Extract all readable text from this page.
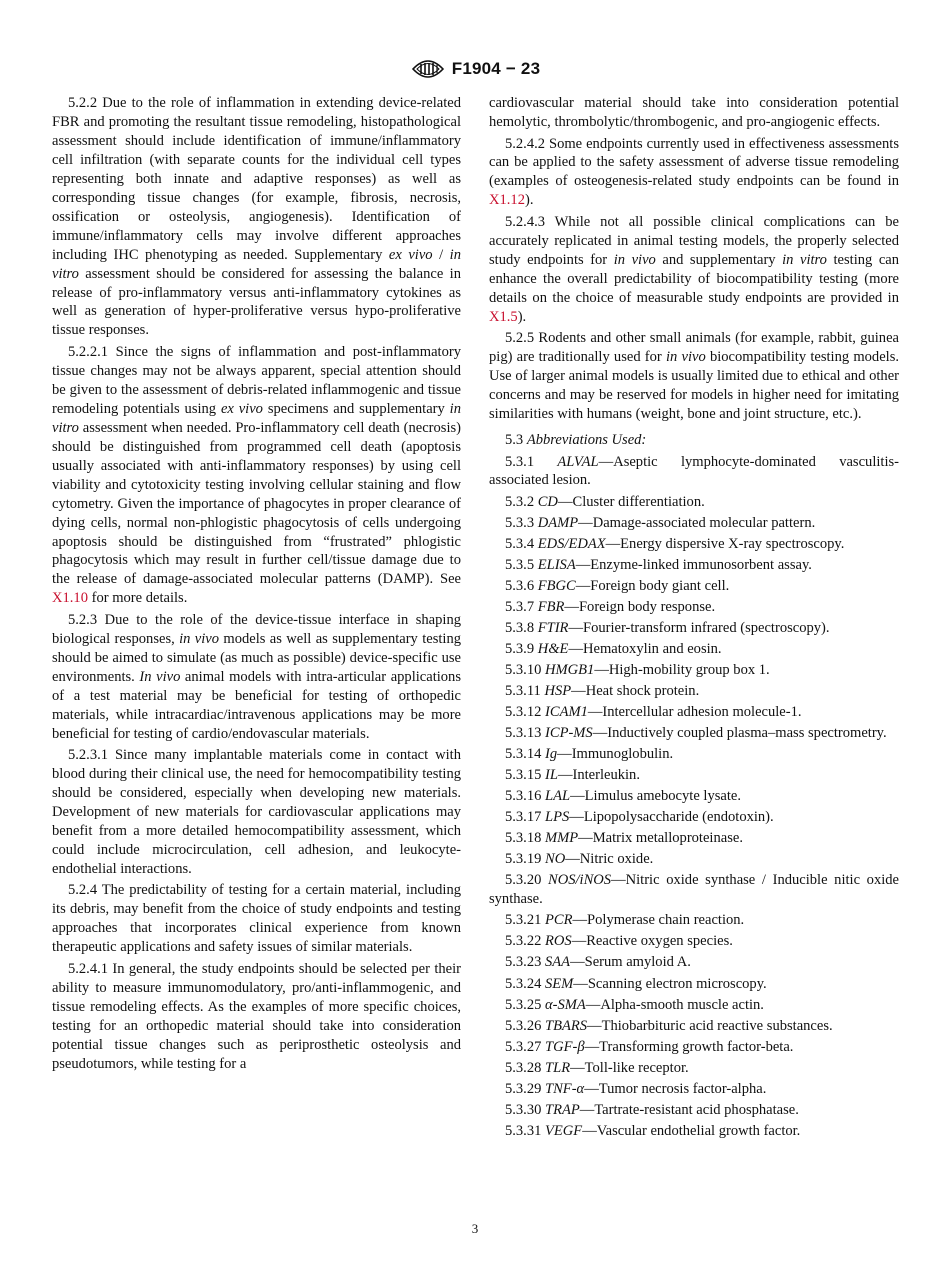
F1904 − 23

5.2.2 Due to the role of inflammation in extending device-related FBR and promoting the resultant tissue remodeling, histopathological assessment should include identification of immune/inflammatory cell infiltration (with separate counts for the individual cell types representing both innate and adaptive responses) as well as corresponding tissue changes (for example, fibrosis, necrosis, ossification or osteolysis, angiogenesis). Identification of immune/inflammatory cells may involve different approaches including IHC phenotyping as needed. Supplementary ex vivo / in vitro assessment should be considered for assessing the balance in release of pro-inflammatory versus anti-inflammatory cytokines as well as generation of hyper-proliferative versus hypo-proliferative tissue responses.

5.2.2.1 Since the signs of inflammation and post-inflammatory tissue changes may not be always apparent, special attention should be given to the assessment of debris-related inflammogenic and tissue remodeling potentials using ex vivo specimens and supplementary in vitro assessment when needed. Pro-inflammatory cell death (necrosis) should be distinguished from programmed cell death (apoptosis usually associated with anti-inflammatory responses) by using cell viability and cytotoxicity testing involving cellular staining and flow cytometry. Given the importance of phagocytes in proper clearance of dying cells, normal non-phlogistic phagocytosis of cells undergoing apoptosis should be distinguished from “frustrated” phlogistic phagocytosis which may result in further cell/tissue damage due to the release of damage-associated molecular patterns (DAMP). See X1.10 for more details.

5.2.3 Due to the role of the device-tissue interface in shaping biological responses, in vivo models as well as supplementary testing should be aimed to simulate (as much as possible) device-specific use environments. In vivo animal models with intra-articular applications of a test material may be beneficial for testing of orthopedic materials, while intracardiac/intravenous applications may be more beneficial for testing of cardio/endovascular materials.

5.2.3.1 Since many implantable materials come in contact with blood during their clinical use, the need for hemocompatibility testing should be considered, especially when developing new materials. Development of new materials for cardiovascular applications may benefit from a more detailed hemocompatibility assessment, which could include microcirculation, cell adhesion, and leukocyte-endothelial interactions.

5.2.4 The predictability of testing for a certain material, including its debris, may benefit from the choice of study endpoints and testing approaches that incorporates clinical experience from known therapeutic applications and safety issues of similar materials.

5.2.4.1 In general, the study endpoints should be selected per their ability to measure immunomodulatory, pro/anti-inflammogenic, and tissue remodeling effects. As the examples of more specific choices, testing for an orthopedic material should take into consideration potential tissue changes such as periprosthetic osteolysis and pseudotumors, while testing for a

cardiovascular material should take into consideration potential hemolytic, thrombolytic/thrombogenic, and pro-angiogenic effects.

5.2.4.2 Some endpoints currently used in effectiveness assessments can be applied to the safety assessment of adverse tissue remodeling (examples of osteogenesis-related study endpoints can be found in X1.12).

5.2.4.3 While not all possible clinical complications can be accurately replicated in animal testing models, the properly selected study endpoints for in vivo and supplementary in vitro testing can enhance the overall predictability of biocompatibility testing (more details on the choice of measurable study endpoints are provided in X1.5).

5.2.5 Rodents and other small animals (for example, rabbit, guinea pig) are traditionally used for in vivo biocompatibility testing models. Use of larger animal models is usually limited due to ethical and other concerns and may be reserved for models in higher need for imitating similarities with humans (weight, bone and joint structure, etc.).

5.3 Abbreviations Used:

5.3.1 ALVAL—Aseptic lymphocyte-dominated vasculitis-associated lesion.

5.3.2 CD—Cluster differentiation.

5.3.3 DAMP—Damage-associated molecular pattern.

5.3.4 EDS/EDAX—Energy dispersive X-ray spectroscopy.

5.3.5 ELISA—Enzyme-linked immunosorbent assay.

5.3.6 FBGC—Foreign body giant cell.

5.3.7 FBR—Foreign body response.

5.3.8 FTIR—Fourier-transform infrared (spectroscopy).

5.3.9 H&E—Hematoxylin and eosin.

5.3.10 HMGB1—High-mobility group box 1.

5.3.11 HSP—Heat shock protein.

5.3.12 ICAM1—Intercellular adhesion molecule-1.

5.3.13 ICP-MS—Inductively coupled plasma–mass spectrometry.

5.3.14 Ig—Immunoglobulin.

5.3.15 IL—Interleukin.

5.3.16 LAL—Limulus amebocyte lysate.

5.3.17 LPS—Lipopolysaccharide (endotoxin).

5.3.18 MMP—Matrix metalloproteinase.

5.3.19 NO—Nitric oxide.

5.3.20 NOS/iNOS—Nitric oxide synthase / Inducible nitic oxide synthase.

5.3.21 PCR—Polymerase chain reaction.

5.3.22 ROS—Reactive oxygen species.

5.3.23 SAA—Serum amyloid A.

5.3.24 SEM—Scanning electron microscopy.

5.3.25 α-SMA—Alpha-smooth muscle actin.

5.3.26 TBARS—Thiobarbituric acid reactive substances.

5.3.27 TGF-β—Transforming growth factor-beta.

5.3.28 TLR—Toll-like receptor.

5.3.29 TNF-α—Tumor necrosis factor-alpha.

5.3.30 TRAP—Tartrate-resistant acid phosphatase.

5.3.31 VEGF—Vascular endothelial growth factor.

3
